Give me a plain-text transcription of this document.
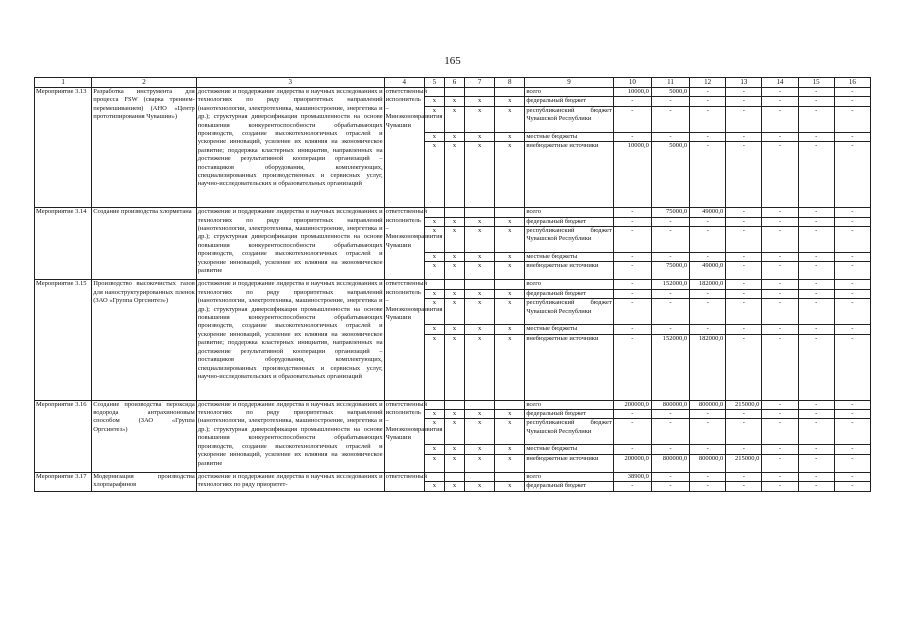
165
1	2	3	4	5	6	7	8	9	10	11	12	13	14	15	16
Мероприятие 3.13	Разработка инструмента для процесса FSW (сварка трением-перемешиванием) (АНО «Центр прототипирования Чувашии»)	достижение и поддержание лидерства в научных исследованиях и технологиях по ряду приоритетных направлений (нанотехнологии, электротехника, машиностроение, энергетика и др.); структурная диверсификация промышленности на основе повышения конкурентоспособности обрабатывающих производств, создание высокотехнологичных отраслей и ускорение инноваций, усиление их влияния на экономическое развитие; поддержка кластерных инициатив, направленных на достижение результативной кооперации организаций – поставщиков оборудования, комплектующих, специализированных производственных и сервисных услуг, научно-исследовательских и образовательных организаций	ответственный исполнитель – Минэкономразвития Чувашии					всего	10000,0	5000,0	-	-	-	-	-
				x	x	x	x	федеральный бюджет	-	-	-	-	-	-	-
				x	x	x	x	республиканский бюджет Чувашской Республики	-	-	-	-	-	-	-
				x	x	x	x	местные бюджеты	-	-	-	-	-	-	-
				x	x	x	x	внебюджетные источники	10000,0	5000,0	-	-	-	-	-
Мероприятие 3.14	Создание производства хлорметана	достижение и поддержание лидерства в научных исследованиях и технологиях по ряду приоритетных направлений (нанотехнологии, электротехника, машиностроение, энергетика и др.); структурная диверсификация промышленности на основе повышения конкурентоспособности обрабатывающих производств, создание высокотехнологичных отраслей и ускорение инноваций, усиление их влияния на экономическое развитие	ответственный исполнитель – Минэкономразвития Чувашии					всего	-	75000,0	49000,0	-	-	-	-
				x	x	x	x	федеральный бюджет	-	-	-	-	-	-	-
				x	x	x	x	республиканский бюджет Чувашской Республики	-	-	-	-	-	-	-
				x	x	x	x	местные бюджеты	-	-	-	-	-	-	-
				x	x	x	x	внебюджетные источники	-	75000,0	49000,0	-	-	-	-
Мероприятие 3.15	Производство высокочистых газов для наноструктурированных пленок (ЗАО «Группа Оргсинтез»)	достижение и поддержание лидерства в научных исследованиях и технологиях по ряду приоритетных направлений (нанотехнологии, электротехника, машиностроение, энергетика и др.); структурная диверсификация промышленности на основе повышения конкурентоспособности обрабатывающих производств, создание высокотехнологичных отраслей и ускорение инноваций, усиление их влияния на экономическое развитие; поддержка кластерных инициатив, направленных на достижение результативной кооперации организаций – поставщиков оборудования, комплектующих, специализированных производственных и сервисных услуг, научно-исследовательских и образовательных организаций	ответственный исполнитель – Минэкономразвития Чувашии					всего	-	152000,0	182000,0	-	-	-	-
				x	x	x	x	федеральный бюджет	-	-	-	-	-	-	-
				x	x	x	x	республиканский бюджет Чувашской Республики	-	-	-	-	-	-	-
				x	x	x	x	местные бюджеты	-	-	-	-	-	-	-
				x	x	x	x	внебюджетные источники	-	152000,0	182000,0	-	-	-	-
Мероприятие 3.16	Создание производства пероксида водорода антрахиноновым способом (ЗАО «Группа Оргсинтез»)	достижение и поддержание лидерства в научных исследованиях и технологиях по ряду приоритетных направлений (нанотехнологии, электротехника, машиностроение, энергетика и др.); структурная диверсификация промышленности на основе повышения конкурентоспособности обрабатывающих производств, создание высокотехнологичных отраслей и ускорение инноваций, усиление их влияния на экономическое развитие	ответственный исполнитель – Минэкономразвития Чувашии					всего	200000,0	800000,0	800000,0	215000,0	-	-	-
				x	x	x	x	федеральный бюджет	-	-	-	-	-	-	-
				x	x	x	x	республиканский бюджет Чувашской Республики	-	-	-	-	-	-	-
				x	x	x	x	местные бюджеты	-	-	-	-	-	-	-
				x	x	x	x	внебюджетные источники	200000,0	800000,0	800000,0	215000,0	-	-	-
Мероприятие 3.17	Модернизация производства хлорпарафинов	достижение и поддержание лидерства в научных исследованиях и технологиях по ряду приоритет-	ответственный					всего	38900,0	-	-	-	-	-	-
				x	x	x	x	федеральный бюджет	-	-	-	-	-	-	-
